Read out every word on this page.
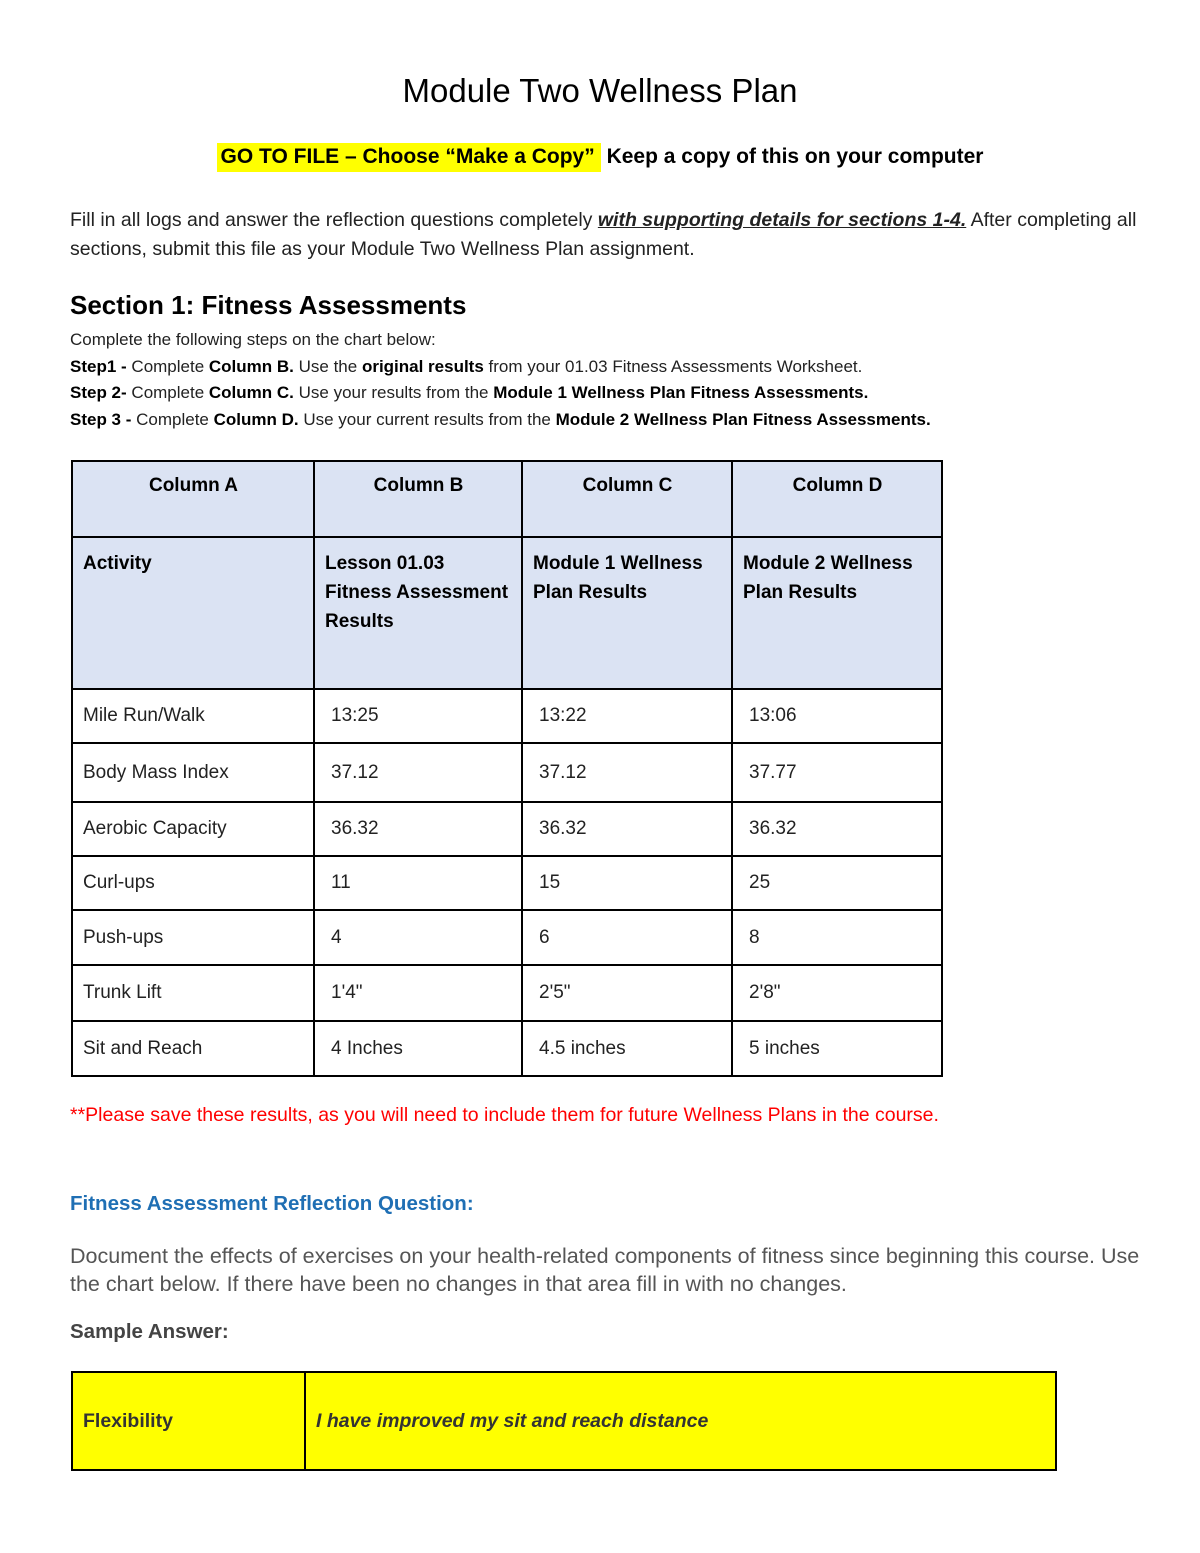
Module Two Wellness Plan
GO TO FILE – Choose “Make a Copy” Keep a copy of this on your computer

Fill in all logs and answer the reflection questions completely with supporting details for sections 1-4. After completing all sections, submit this file as your Module Two Wellness Plan assignment.

Section 1: Fitness Assessments
Complete the following steps on the chart below:
Step1 - Complete Column B. Use the original results from your 01.03 Fitness Assessments Worksheet.
Step 2- Complete Column C. Use your results from the Module 1 Wellness Plan Fitness Assessments.
Step 3 - Complete Column D. Use your current results from the Module 2 Wellness Plan Fitness Assessments.
Column A	Column B	Column C	Column D
Activity	Lesson 01.03 Fitness Assessment Results	Module 1 Wellness Plan Results	Module 2 Wellness Plan Results
Mile Run/Walk	13:25	13:22	13:06
Body Mass Index	37.12	37.12	37.77
Aerobic Capacity	36.32	36.32	36.32
Curl-ups	11	15	25
Push-ups	4	6	8
Trunk Lift	1'4"	2'5"	2'8"
Sit and Reach	4 Inches	4.5 inches	5 inches
**Please save these results, as you will need to include them for future Wellness Plans in the course.
Fitness Assessment Reflection Question:
Document the effects of exercises on your health-related components of fitness since beginning this course. Use the chart below. If there have been no changes in that area fill in with no changes.
Sample Answer:
Flexibility	I have improved my sit and reach distance
